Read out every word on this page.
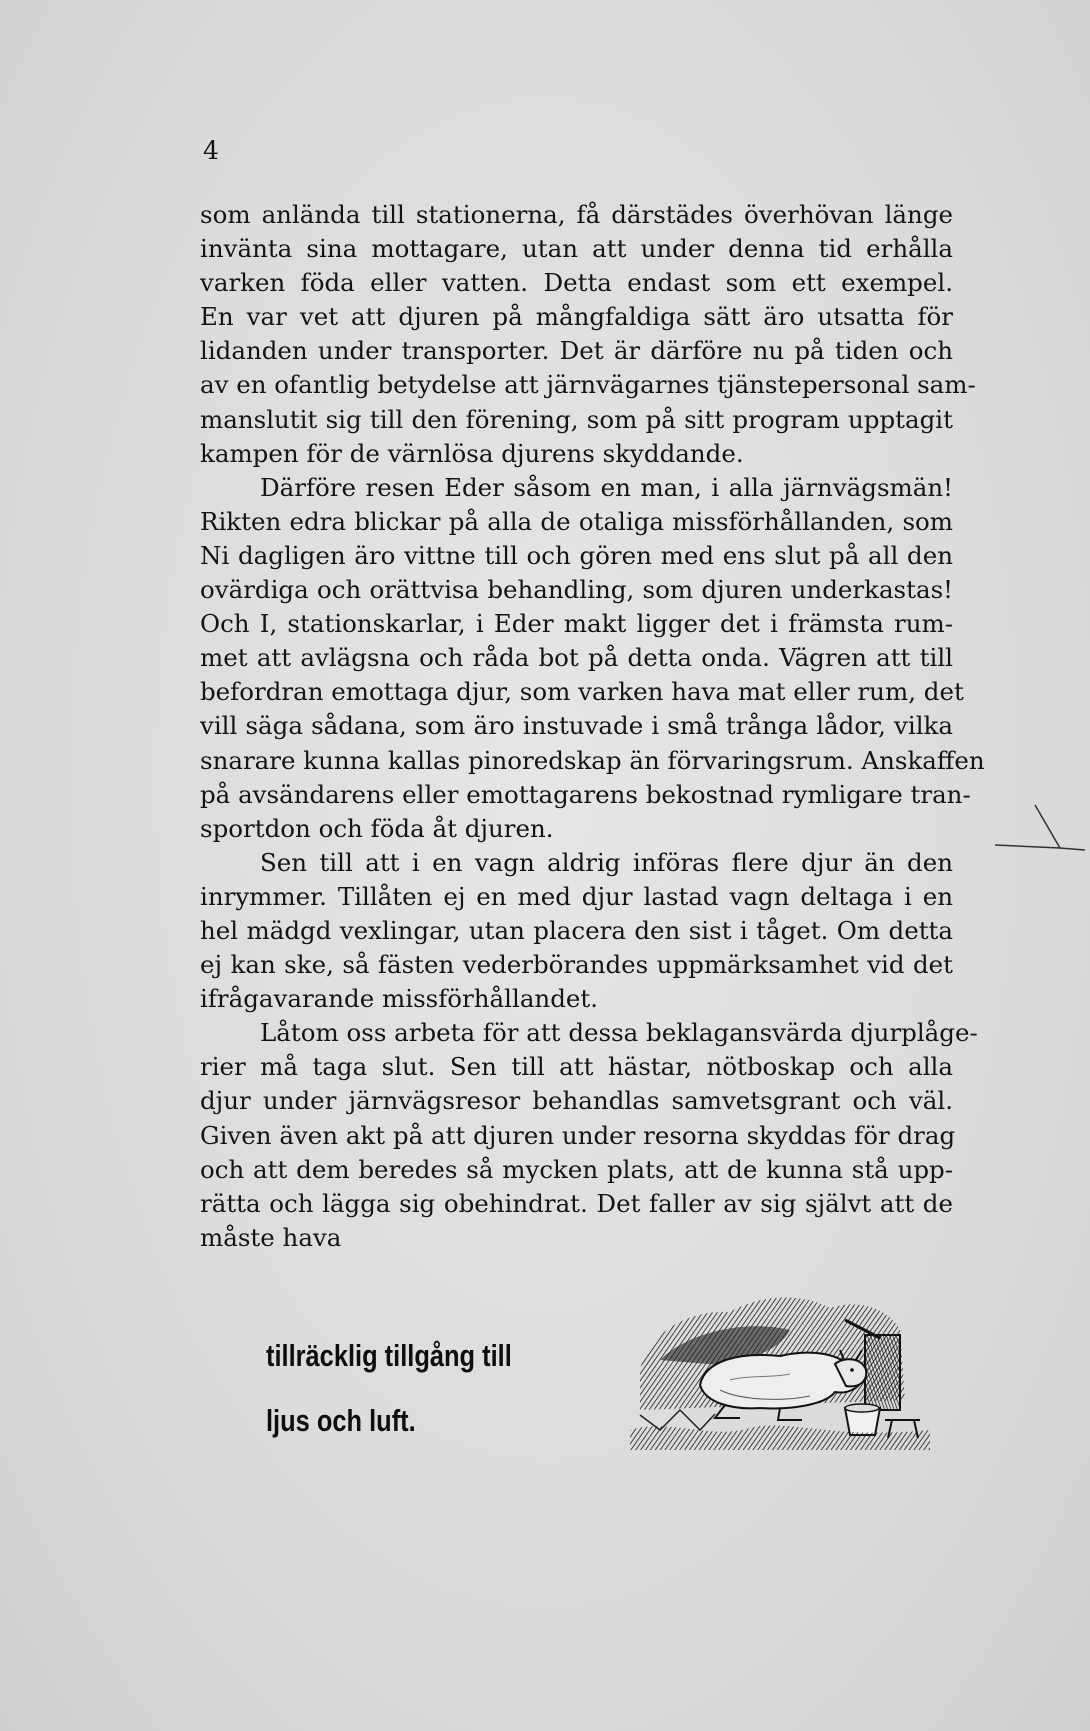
4
som anlända till stationerna, få därstädes överhövan länge
invänta sina mottagare, utan att under denna tid erhålla
varken föda eller vatten. Detta endast som ett exempel.
En var vet att djuren på mångfaldiga sätt äro utsatta för
lidanden under transporter. Det är därföre nu på tiden och
av en ofantlig betydelse att järnvägarnes tjänstepersonal sam-
manslutit sig till den förening, som på sitt program upptagit
kampen för de värnlösa djurens skyddande.
Därföre resen Eder såsom en man, i alla järnvägsmän!
Rikten edra blickar på alla de otaliga missförhållanden, som
Ni dagligen äro vittne till och gören med ens slut på all den
ovärdiga och orättvisa behandling, som djuren underkastas!
Och I, stationskarlar, i Eder makt ligger det i främsta rum-
met att avlägsna och råda bot på detta onda. Vägren att till
befordran emottaga djur, som varken hava mat eller rum, det
vill säga sådana, som äro instuvade i små trånga lådor, vilka
snarare kunna kallas pinoredskap än förvaringsrum. Anskaffen
på avsändarens eller emottagarens bekostnad rymligare tran-
sportdon och föda åt djuren.
Sen till att i en vagn aldrig införas flere djur än den
inrymmer. Tillåten ej en med djur lastad vagn deltaga i en
hel mädgd vexlingar, utan placera den sist i tåget. Om detta
ej kan ske, så fästen vederbörandes uppmärksamhet vid det
ifrågavarande missförhållandet.
Låtom oss arbeta för att dessa beklagansvärda djurplåge-
rier må taga slut. Sen till att hästar, nötboskap och alla
djur under järnvägsresor behandlas samvetsgrant och väl.
Given även akt på att djuren under resorna skyddas för drag
och att dem beredes så mycken plats, att de kunna stå upp-
rätta och lägga sig obehindrat. Det faller av sig självt att de
måste hava
tillräcklig tillgång till
ljus och luft.
